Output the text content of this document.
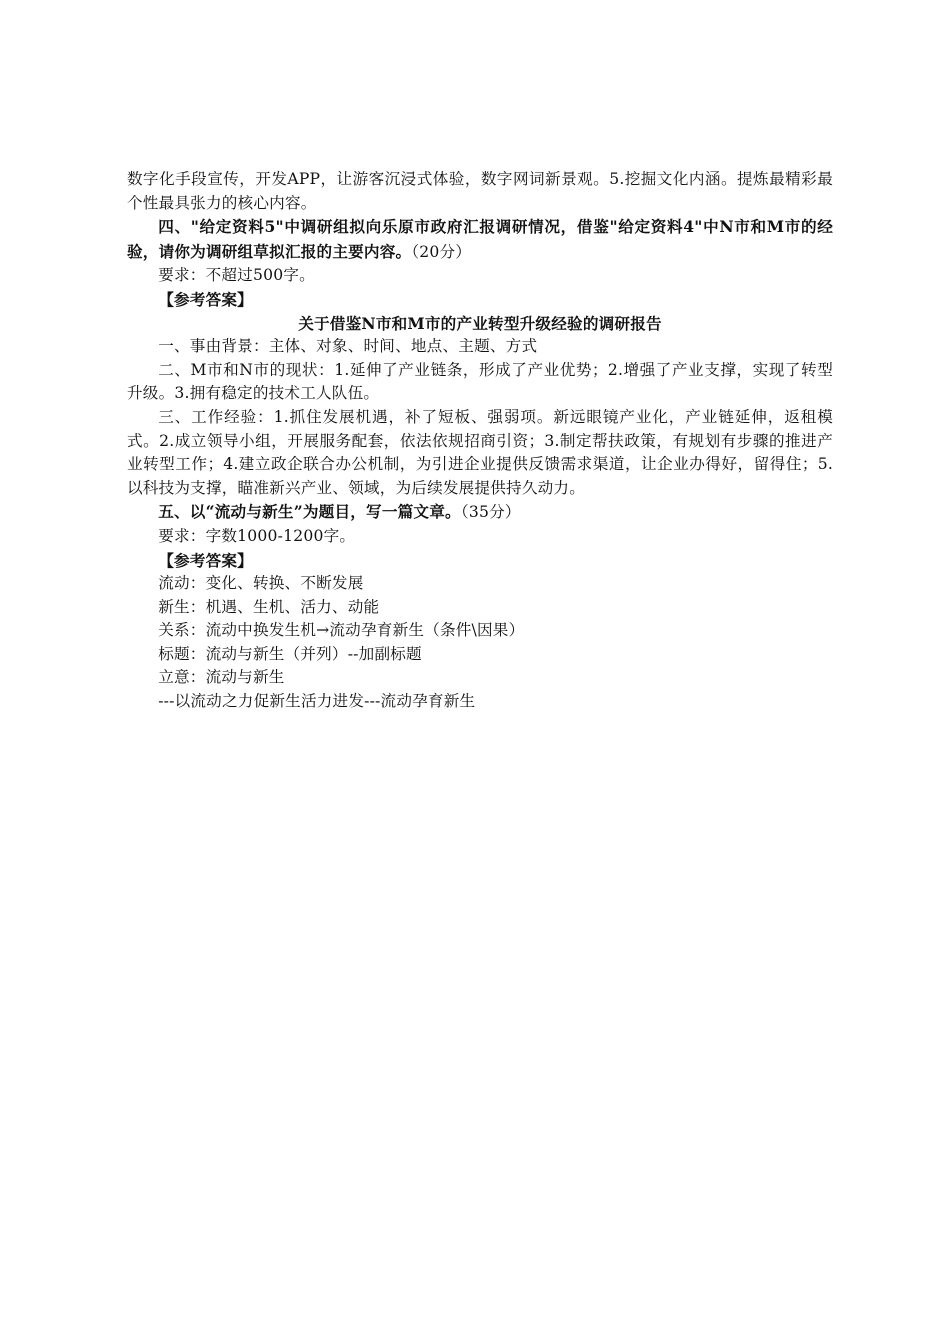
数字化手段宣传，开发APP，让游客沉浸式体验，数字网词新景观。5.挖掘文化内涵。提炼最精彩最个性最具张力的核心内容。

四、"给定资料5"中调研组拟向乐原市政府汇报调研情况，借鉴"给定资料4"中N市和M市的经验，请你为调研组草拟汇报的主要内容。（20分）

要求：不超过500字。

【参考答案】

关于借鉴N市和M市的产业转型升级经验的调研报告

一、事由背景：主体、对象、时间、地点、主题、方式

二、M市和N市的现状：1.延伸了产业链条，形成了产业优势；2.增强了产业支撑，实现了转型升级。3.拥有稳定的技术工人队伍。

三、工作经验：1.抓住发展机遇，补了短板、强弱项。新远眼镜产业化，产业链延伸，返租模式。2.成立领导小组，开展服务配套，依法依规招商引资；3.制定帮扶政策，有规划有步骤的推进产业转型工作；4.建立政企联合办公机制，为引进企业提供反馈需求渠道，让企业办得好，留得住；5.以科技为支撑，瞄准新兴产业、领域，为后续发展提供持久动力。

五、以“流动与新生”为题目，写一篇文章。（35分）

要求：字数1000-1200字。

【参考答案】

流动：变化、转换、不断发展

新生：机遇、生机、活力、动能

关系：流动中换发生机→流动孕育新生（条件\因果）

标题：流动与新生（并列）--加副标题

立意：流动与新生

---以流动之力促新生活力进发---流动孕育新生
